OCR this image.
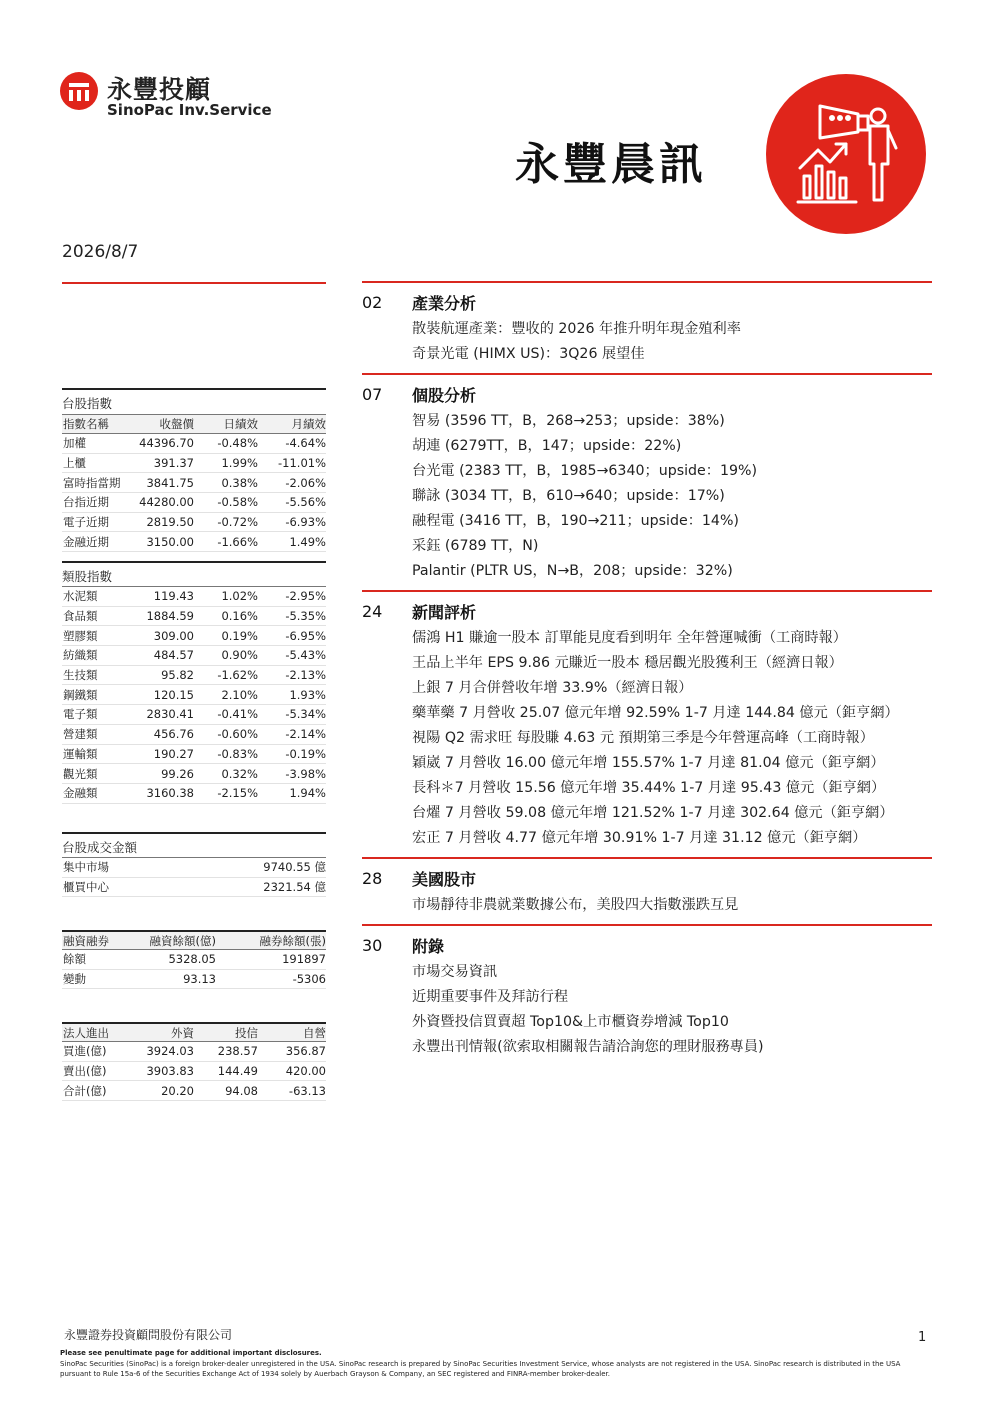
永豐投顧
SinoPac Inv.Service
永豐晨訊
2026/8/7
02	產業分析
散裝航運產業：豐收的 2026 年推升明年現金殖利率
奇景光電 (HIMX US)：3Q26 展望佳
07	個股分析
智易 (3596 TT，B，268→253；upside：38%)
胡連 (6279TT，B，147；upside：22%)
台光電 (2383 TT，B，1985→6340；upside：19%)
聯詠 (3034 TT，B，610→640；upside：17%)
融程電 (3416 TT，B，190→211；upside：14%)
采鈺 (6789 TT，N)
Palantir (PLTR US，N→B，208；upside：32%)
24	新聞評析
儒鴻 H1 賺逾一股本 訂單能見度看到明年 全年營運喊衝（工商時報）
王品上半年 EPS 9.86 元賺近一股本 穩居觀光股獲利王（經濟日報）
上銀 7 月合併營收年增 33.9%（經濟日報）
藥華藥 7 月營收 25.07 億元年增 92.59% 1-7 月達 144.84 億元（鉅亨網）
視陽 Q2 需求旺 每股賺 4.63 元 預期第三季是今年營運高峰（工商時報）
穎崴 7 月營收 16.00 億元年增 155.57% 1-7 月達 81.04 億元（鉅亨網）
長科＊7 月營收 15.56 億元年增 35.44% 1-7 月達 95.43 億元（鉅亨網）
台燿 7 月營收 59.08 億元年增 121.52% 1-7 月達 302.64 億元（鉅亨網）
宏正 7 月營收 4.77 億元年增 30.91% 1-7 月達 31.12 億元（鉅亨網）
28	美國股市
市場靜待非農就業數據公布，美股四大指數漲跌互見
30	附錄
市場交易資訊
近期重要事件及拜訪行程
外資暨投信買賣超 Top10&上市櫃資券增減 Top10
永豐出刊情報(欲索取相關報告請洽詢您的理財服務專員)
台股指數
指數名稱	收盤價	日績效	月績效
加權	44396.70	-0.48%	-4.64%
上櫃	391.37	1.99%	-11.01%
富時指當期	3841.75	0.38%	-2.06%
台指近期	44280.00	-0.58%	-5.56%
電子近期	2819.50	-0.72%	-6.93%
金融近期	3150.00	-1.66%	1.49%
類股指數
水泥類	119.43	1.02%	-2.95%
食品類	1884.59	0.16%	-5.35%
塑膠類	309.00	0.19%	-6.95%
紡織類	484.57	0.90%	-5.43%
生技類	95.82	-1.62%	-2.13%
鋼鐵類	120.15	2.10%	1.93%
電子類	2830.41	-0.41%	-5.34%
營建類	456.76	-0.60%	-2.14%
運輸類	190.27	-0.83%	-0.19%
觀光類	99.26	0.32%	-3.98%
金融類	3160.38	-2.15%	1.94%
台股成交金額
集中市場	9740.55 億
櫃買中心	2321.54 億
融資融券	融資餘額(億)	融券餘額(張)
餘額	5328.05	191897
變動	93.13	-5306
法人進出	外資	投信	自營
買進(億)	3924.03	238.57	356.87
賣出(億)	3903.83	144.49	420.00
合計(億)	20.20	94.08	-63.13
永豐證券投資顧問股份有限公司	1
Please see penultimate page for additional important disclosures.
SinoPac Securities (SinoPac) is a foreign broker-dealer unregistered in the USA. SinoPac research is prepared by SinoPac Securities Investment Service, whose analysts are not registered in the USA. SinoPac research is distributed in the USA pursuant to Rule 15a-6 of the Securities Exchange Act of 1934 solely by Auerbach Grayson & Company, an SEC registered and FINRA-member broker-dealer.
